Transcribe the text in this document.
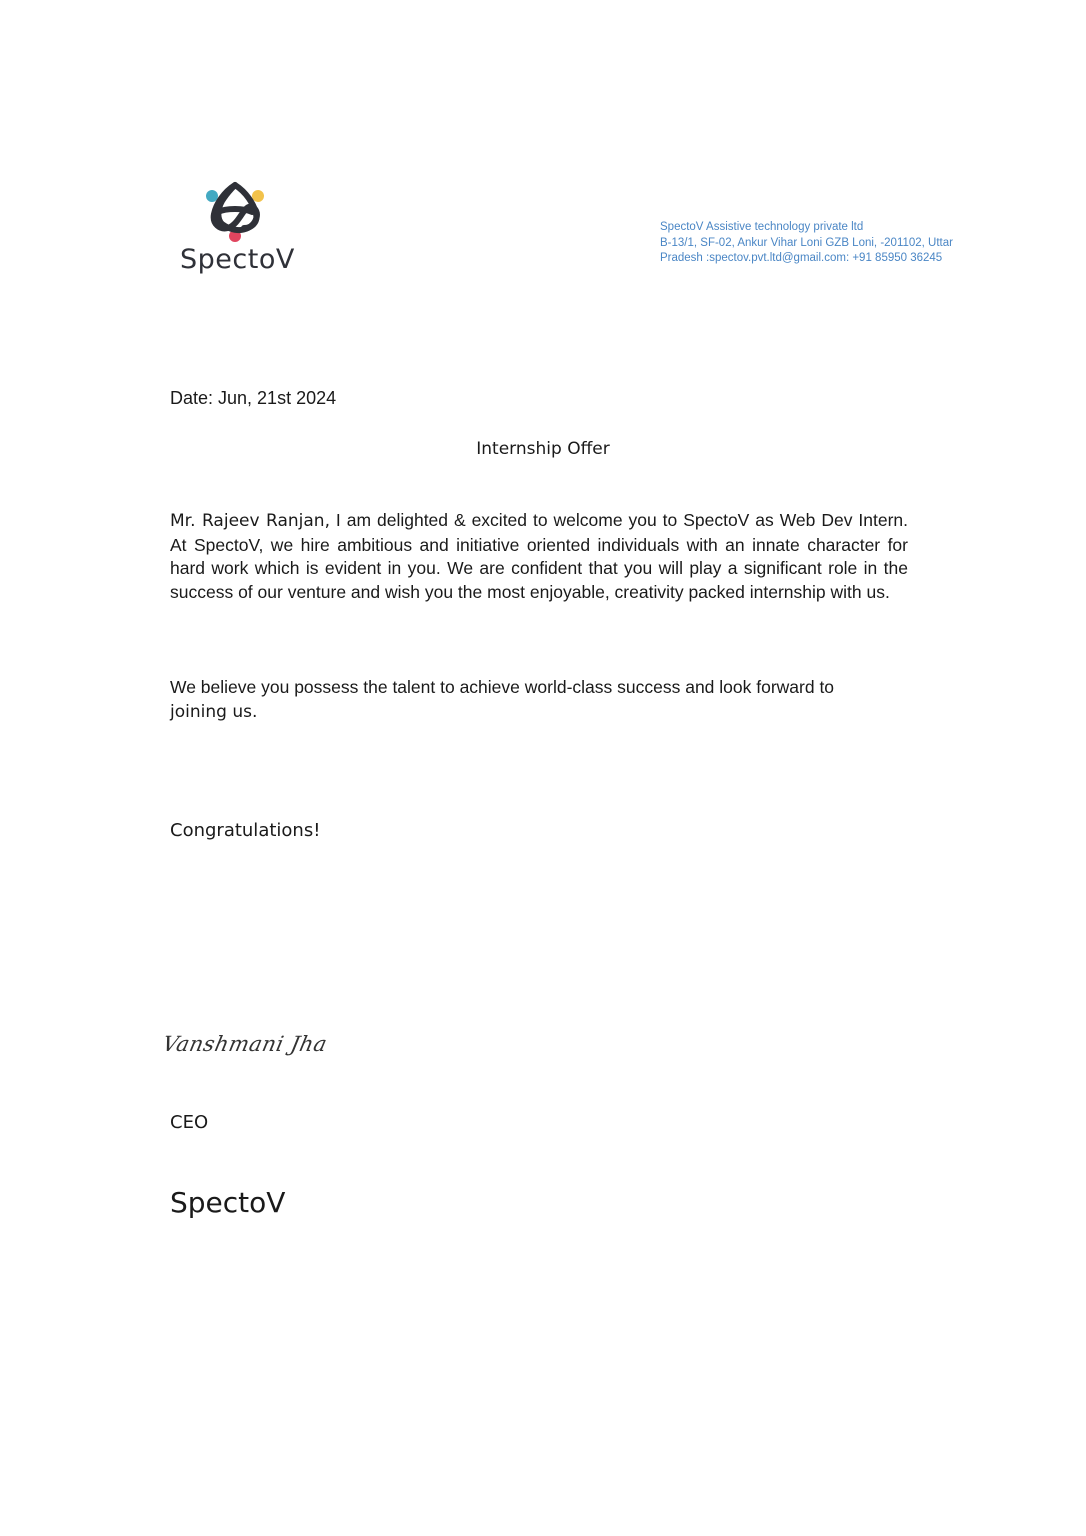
SpectoV
SpectoV Assistive technology private ltd
B-13/1, SF-02, Ankur Vihar Loni GZB Loni, -201102, Uttar
Pradesh :spectov.pvt.ltd@gmail.com: +91 85950 36245
Date: Jun, 21st 2024
Internship Offer
Mr. Rajeev Ranjan, I am delighted & excited to welcome you to SpectoV as Web Dev Intern. At SpectoV, we hire ambitious and initiative oriented individuals with an innate character for hard work which is evident in you. We are confident that you will play a significant role in the success of our venture and wish you the most enjoyable, creativity packed internship with us.
We believe you possess the talent to achieve world-class success and look forward to
joining us.
Congratulations!
Vanshmani Jha
CEO
SpectoV
